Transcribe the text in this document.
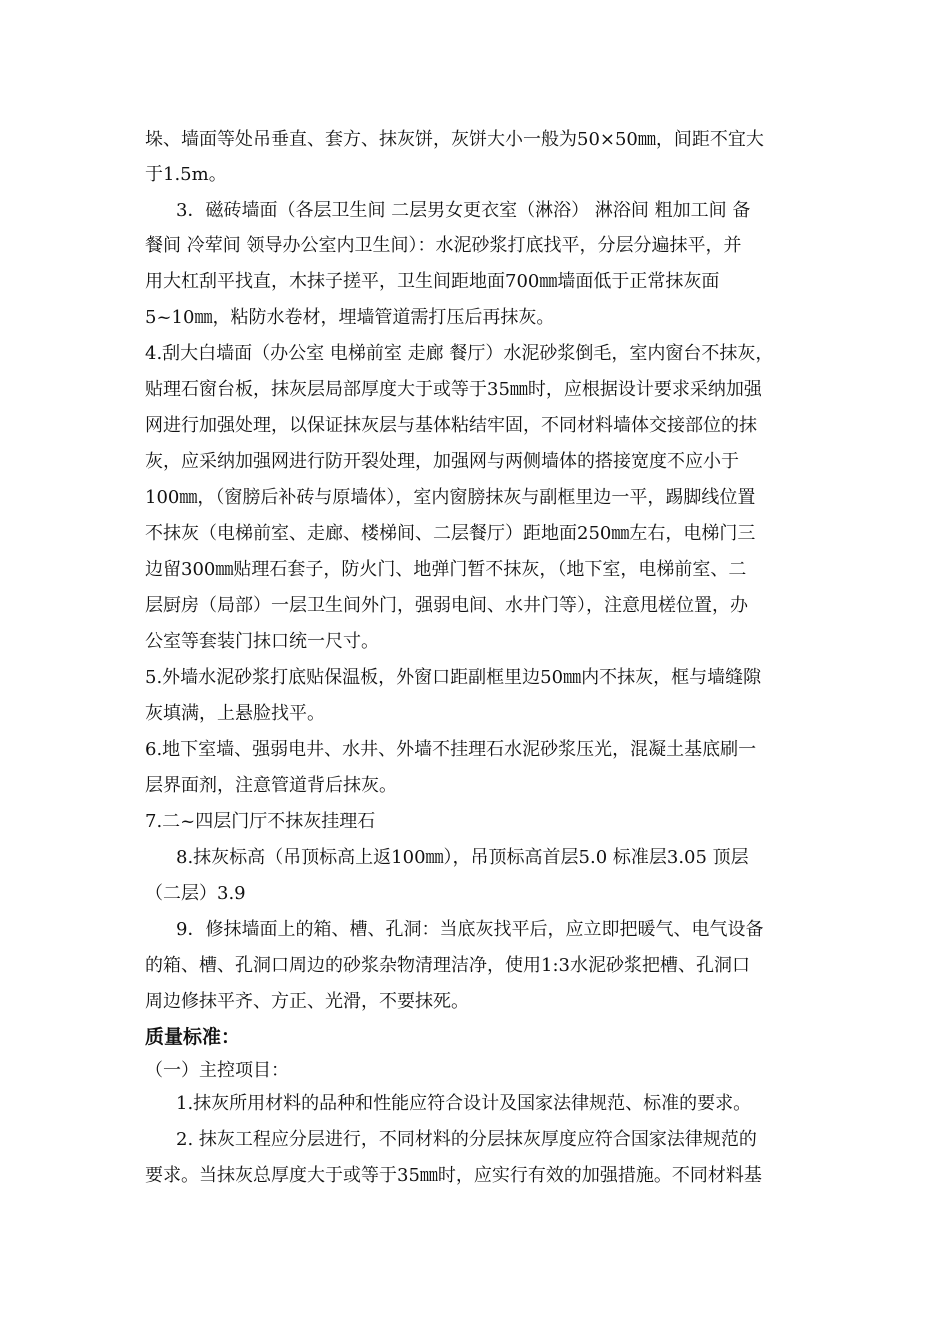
垛、墙面等处吊垂直、套方、抹灰饼，灰饼大小一般为50×50㎜，间距不宜大
于1.5m。
3．磁砖墙面（各层卫生间 二层男女更衣室（淋浴） 淋浴间 粗加工间 备
餐间 冷荤间 领导办公室内卫生间）：水泥砂浆打底找平，分层分遍抹平，并
用大杠刮平找直，木抹子搓平，卫生间距地面700㎜墙面低于正常抹灰面
5~10㎜，粘防水卷材，埋墙管道需打压后再抹灰。
4.刮大白墙面（办公室 电梯前室 走廊 餐厅）水泥砂浆倒毛，室内窗台不抹灰，
贴理石窗台板，抹灰层局部厚度大于或等于35㎜时，应根据设计要求采纳加强
网进行加强处理，以保证抹灰层与基体粘结牢固，不同材料墙体交接部位的抹
灰，应采纳加强网进行防开裂处理，加强网与两侧墙体的搭接宽度不应小于
100㎜，（窗膀后补砖与原墙体），室内窗膀抹灰与副框里边一平，踢脚线位置
不抹灰（电梯前室、走廊、楼梯间、二层餐厅）距地面250㎜左右，电梯门三
边留300㎜贴理石套子，防火门、地弹门暂不抹灰，（地下室，电梯前室、二
层厨房（局部）一层卫生间外门，强弱电间、水井门等），注意甩槎位置，办
公室等套装门抹口统一尺寸。
5.外墙水泥砂浆打底贴保温板，外窗口距副框里边50㎜内不抹灰，框与墙缝隙
灰填满，上悬脸找平。
6.地下室墙、强弱电井、水井、外墙不挂理石水泥砂浆压光，混凝土基底刷一
层界面剂，注意管道背后抹灰。
7.二~四层门厅不抹灰挂理石
8.抹灰标高（吊顶标高上返100㎜），吊顶标高首层5.0 标准层3.05 顶层
（二层）3.9
9．修抹墙面上的箱、槽、孔洞：当底灰找平后，应立即把暖气、电气设备
的箱、槽、孔洞口周边的砂浆杂物清理洁净，使用1:3水泥砂浆把槽、孔洞口
周边修抹平齐、方正、光滑，不要抹死。
质量标准：
（一）主控项目：
1.抹灰所用材料的品种和性能应符合设计及国家法律规范、标准的要求。
2. 抹灰工程应分层进行，不同材料的分层抹灰厚度应符合国家法律规范的
要求。当抹灰总厚度大于或等于35㎜时，应实行有效的加强措施。不同材料基
